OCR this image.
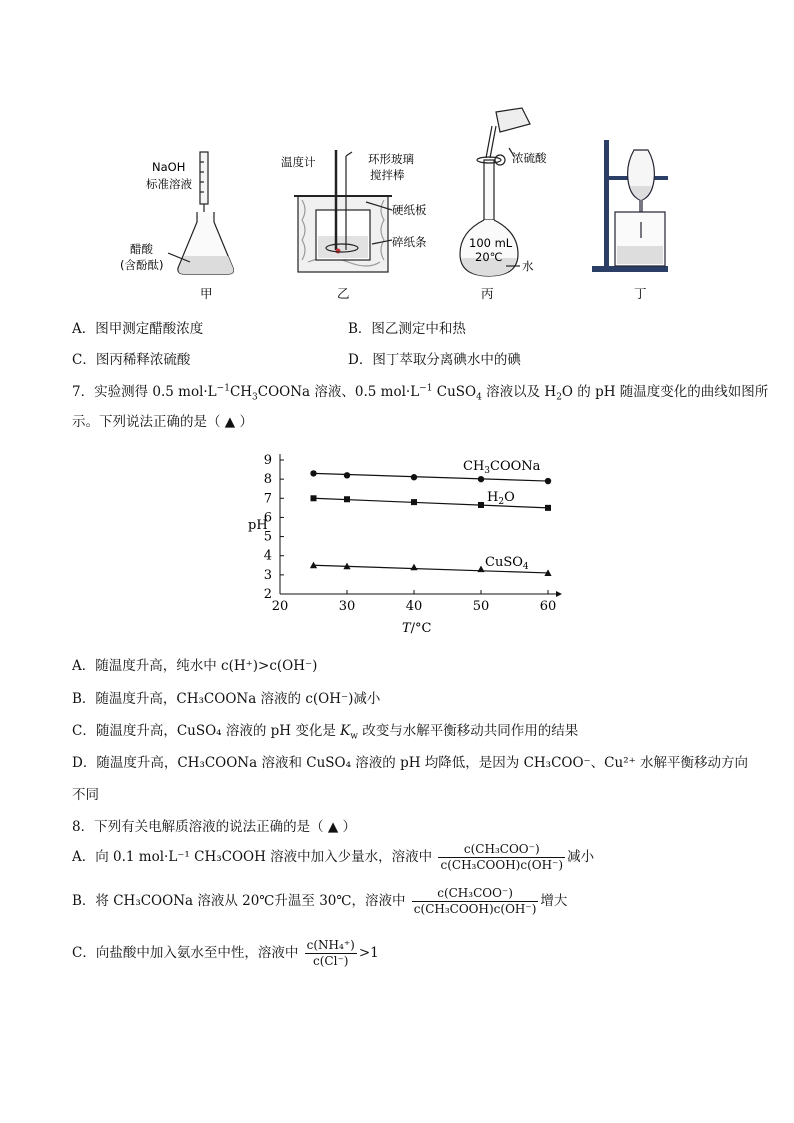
NaOH
标准溶液
醋酸
(含酚酞)
温度计	环形玻璃
搅拌棒
硬纸板
碎纸条
浓硫酸
100 mL
20℃
水
甲	乙	丙	丁
A．图甲测定醋酸浓度	B．图乙测定中和热
C．图丙稀释浓硫酸	D．图丁萃取分离碘水中的碘
7．实验测得 0.5 $mol\cdot L^{-1}CH_3COONa$ 溶液、0.5 $mol\cdot L^{-1}$ CuSO$_4$ 溶液以及 $H_2O$ 的 pH 随温度变化的曲线如图所
示。下列说法正确的是（ ▲ ）
20	30	40	50	60
2
3
4
5
6
7
8
9
pH
T/°C
$CH_3COONa$
$H_2O$
CuSO$_4$
A．随温度升高，纯水中 c(H⁺)>c(OH⁻)
B．随温度升高，CH₃COONa 溶液的 c(OH⁻)减小
C．随温度升高，CuSO₄ 溶液的 pH 变化是 $K_w$ 改变与水解平衡移动共同作用的结果
D．随温度升高，CH₃COONa 溶液和 CuSO₄ 溶液的 pH 均降低，是因为 CH₃COO⁻、Cu²⁺ 水解平衡移动方向
不同
8．下列有关电解质溶液的说法正确的是（ ▲ ）
A．向 0.1 mol·L⁻¹ CH₃COOH 溶液中加入少量水，溶液中 $\frac{\text{c(CH₃COO⁻)}}{\text{c(CH₃COOH)c(OH⁻)}}$ 减小
B．将 CH₃COONa 溶液从 20℃升温至 30℃，溶液中 $\frac{\text{c(CH₃COO⁻)}}{\text{c(CH₃COOH)c(OH⁻)}}$ 增大
C．向盐酸中加入氨水至中性，溶液中 $\frac{\text{c(NH₄⁺)}}{c(Cl^-)} >1$
